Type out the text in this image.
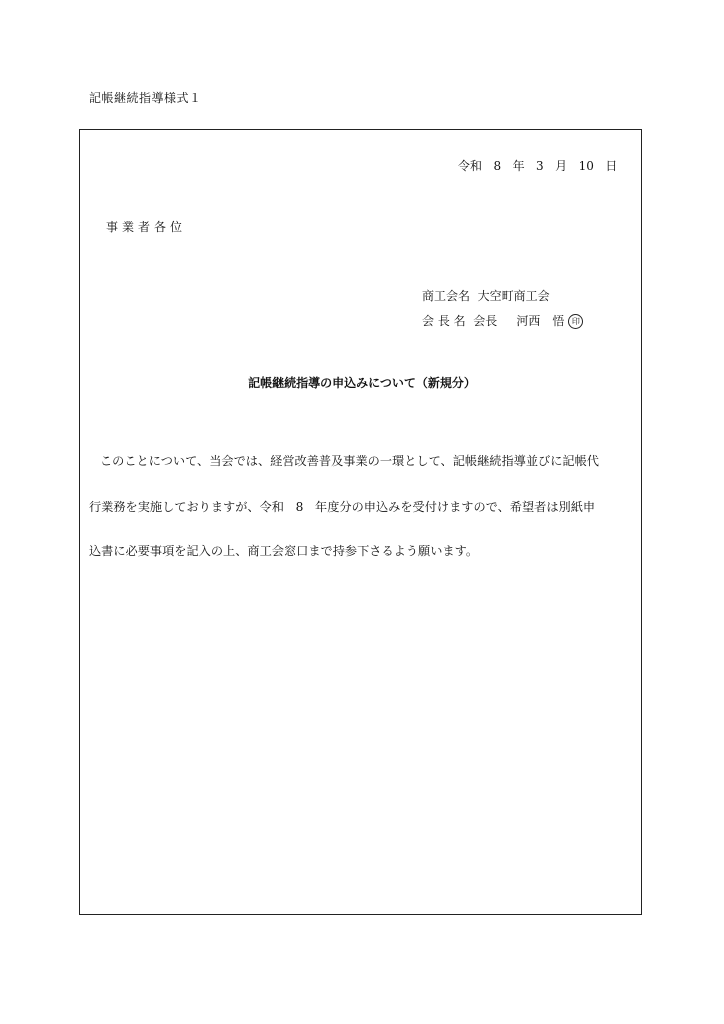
記帳継続指導様式１
令和 8 年 3 月 10 日
事業者各位
商工会名 大空町商工会
会 長 名 会長 河西　悟 印
記帳継続指導の申込みについて（新規分）
このことについて、当会では、経営改善普及事業の一環として、記帳継続指導並びに記帳代
行業務を実施しておりますが、令和 8 年度分の申込みを受付けますので、希望者は別紙申
込書に必要事項を記入の上、商工会窓口まで持参下さるよう願います。
